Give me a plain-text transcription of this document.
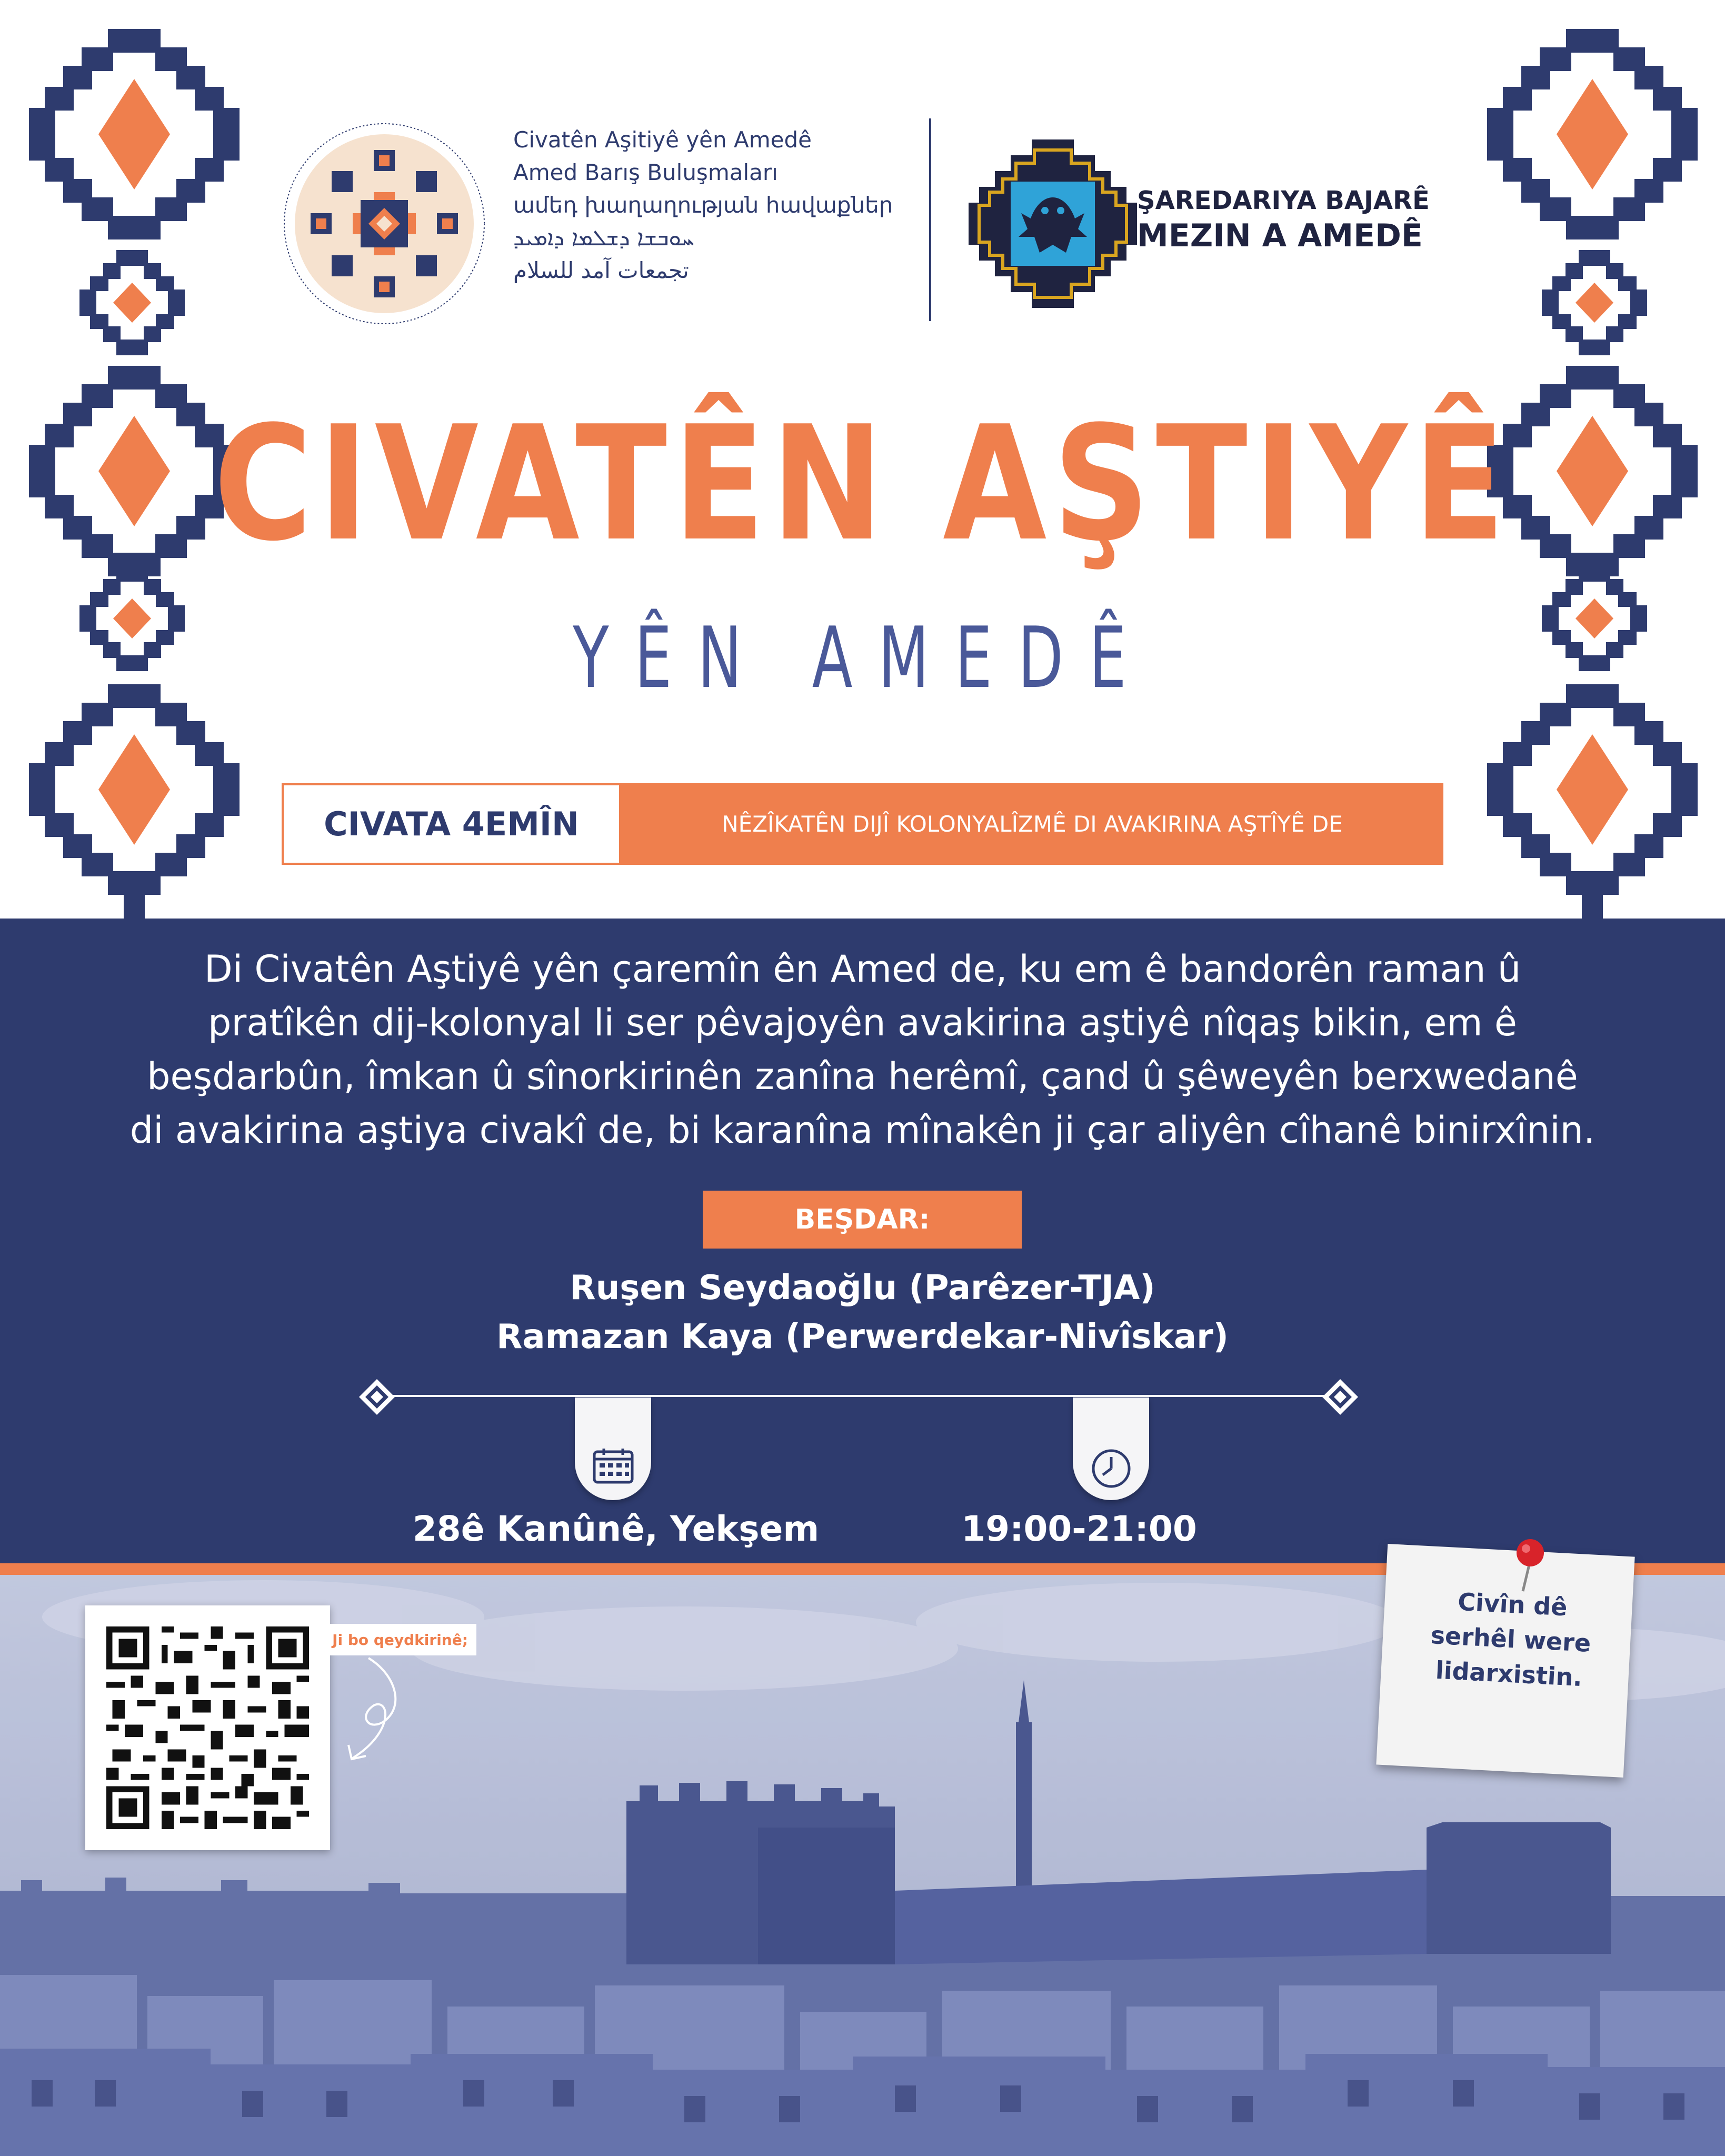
Civatên Aşitiyê yên Amedê
Amed Barış Buluşmaları
ամեդ խաղաղության հավաքներ
ܚܘܒܫܐ ܕܫܠܡܐ ܕܐܡܝܕ
تجمعات آمد للسلام
ŞAREDARIYA BAJARÊ
MEZIN A AMEDÊ
CIVATÊN AŞTIYÊ
YÊN AMEDÊ
CIVATA 4EMÎN	NÊZÎKATÊN DIJÎ KOLONYALÎZMÊ DI AVAKIRINA AŞTÎYÊ DE
Di Civatên Aştiyê yên çaremîn ên Amed de, ku em ê bandorên raman û
pratîkên dij-kolonyal li ser pêvajoyên avakirina aştiyê nîqaş bikin, em ê
beşdarbûn, îmkan û sînorkirinên zanîna herêmî, çand û şêweyên berxwedanê
di avakirina aştiya civakî de, bi karanîna mînakên ji çar aliyên cîhanê binirxînin.
BEŞDAR:
Ruşen Seydaoğlu (Parêzer-TJA)
Ramazan Kaya (Perwerdekar-Nivîskar)
28ê Kanûnê, Yekşem	19:00-21:00
Ji bo qeydkirinê;
Civîn dê
serhêl were
lidarxistin.
